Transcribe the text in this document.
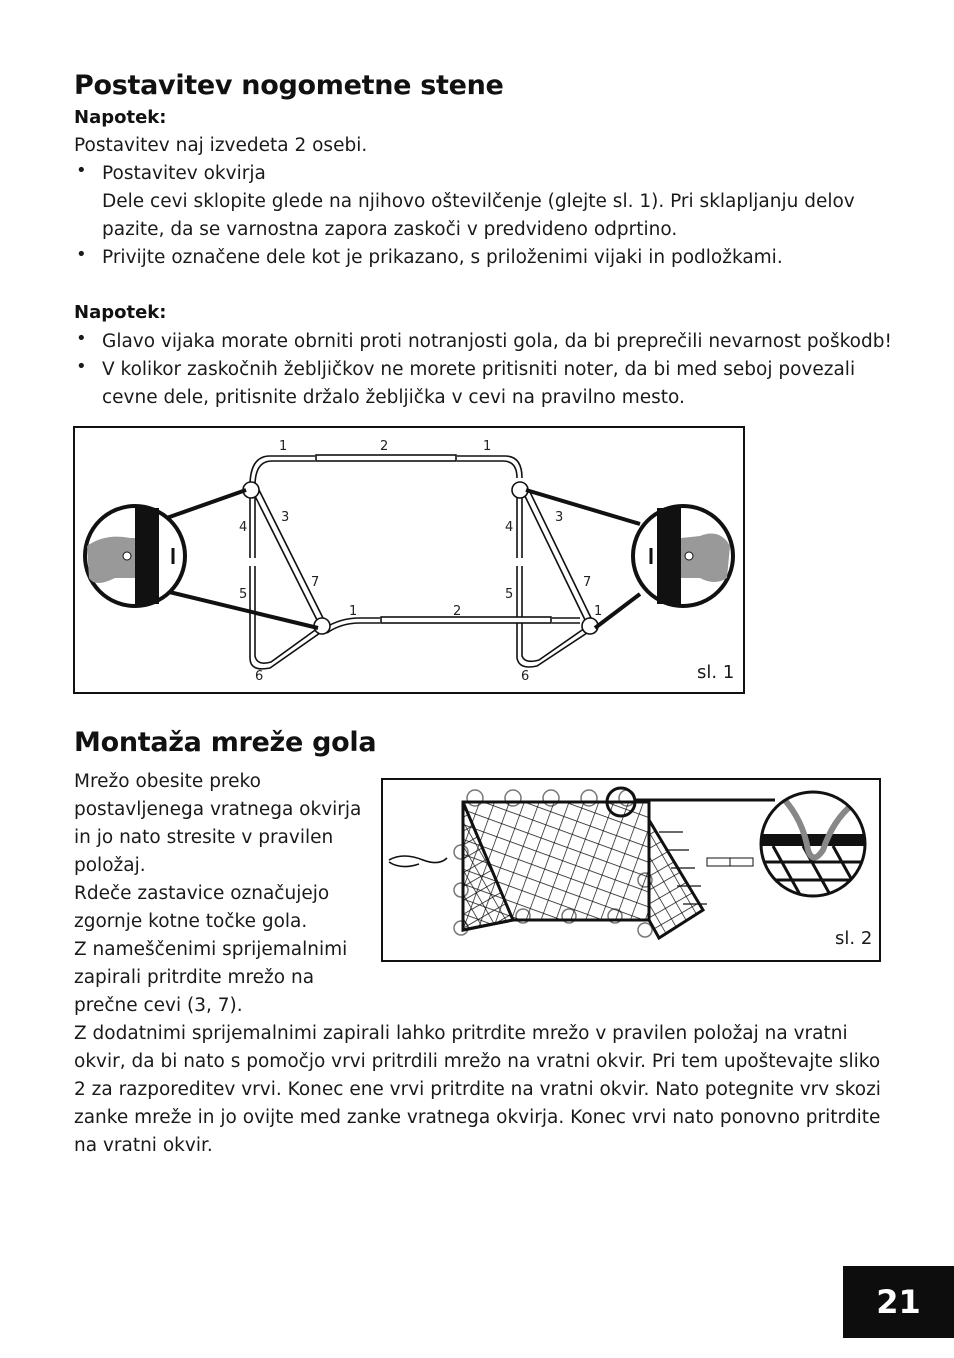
Postavitev nogometne stene
Napotek:
Postavitev naj izvedeta 2 osebi.
• Postavitev okvirja
Dele cevi sklopite glede na njihovo oštevilčenje (glejte sl. 1). Pri sklapljanju delov
pazite, da se varnostna zapora zaskoči v predvideno odprtino.
• Privijte označene dele kot je prikazano, s priloženimi vijaki in podložkami.
Napotek:
• Glavo vijaka morate obrniti proti notranjosti gola, da bi preprečili nevarnost poškodb!
• V kolikor zaskočnih žebljičkov ne morete pritisniti noter, da bi med seboj povezali
cevne dele, pritisnite držalo žebljička v cevi na pravilno mesto.
1	2	1
4
3
5
7
6
1	2
4
3
5
7
1
6	sl. 1
Montaža mreže gola
Mrežo obesite preko
postavljenega vratnega okvirja
in jo nato stresite v pravilen
položaj.
Rdeče zastavice označujejo
zgornje kotne točke gola.
Z nameščenimi sprijemalnimi
zapirali pritrdite mrežo na
prečne cevi (3, 7).
Z dodatnimi sprijemalnimi zapirali lahko pritrdite mrežo v pravilen položaj na vratni
okvir, da bi nato s pomočjo vrvi pritrdili mrežo na vratni okvir. Pri tem upoštevajte sliko
2 za razporeditev vrvi. Konec ene vrvi pritrdite na vratni okvir. Nato potegnite vrv skozi
zanke mreže in jo ovijte med zanke vratnega okvirja. Konec vrvi nato ponovno pritrdite
na vratni okvir.
sl. 2
21
